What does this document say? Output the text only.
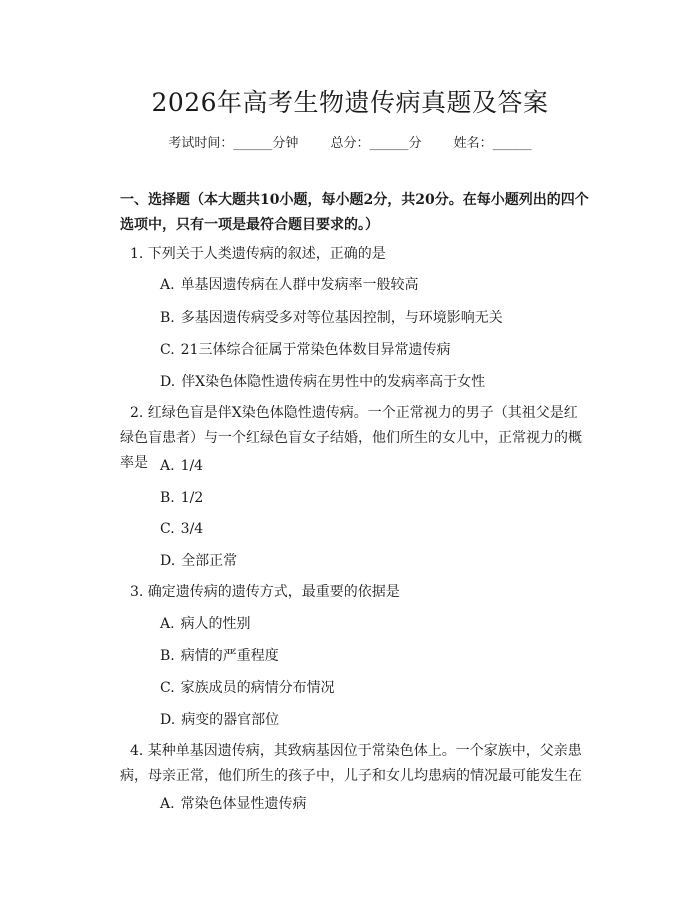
2026年高考生物遗传病真题及答案
考试时间：______分钟 总分：______分 姓名：______
一、选择题（本大题共10小题，每小题2分，共20分。在每小题列出的四个选项中，只有一项是最符合题目要求的。）
1. 下列关于人类遗传病的叙述，正确的是
A. 单基因遗传病在人群中发病率一般较高
B. 多基因遗传病受多对等位基因控制，与环境影响无关
C. 21三体综合征属于常染色体数目异常遗传病
D. 伴X染色体隐性遗传病在男性中的发病率高于女性
2. 红绿色盲是伴X染色体隐性遗传病。一个正常视力的男子（其祖父是红绿色盲患者）与一个红绿色盲女子结婚，他们所生的女儿中，正常视力的概率是 A. 1/4
B. 1/2
C. 3/4
D. 全部正常
3. 确定遗传病的遗传方式，最重要的依据是
A. 病人的性别
B. 病情的严重程度
C. 家族成员的病情分布情况
D. 病变的器官部位
4. 某种单基因遗传病，其致病基因位于常染色体上。一个家族中，父亲患病，母亲正常，他们所生的孩子中，儿子和女儿均患病的情况最可能发生在
A. 常染色体显性遗传病
